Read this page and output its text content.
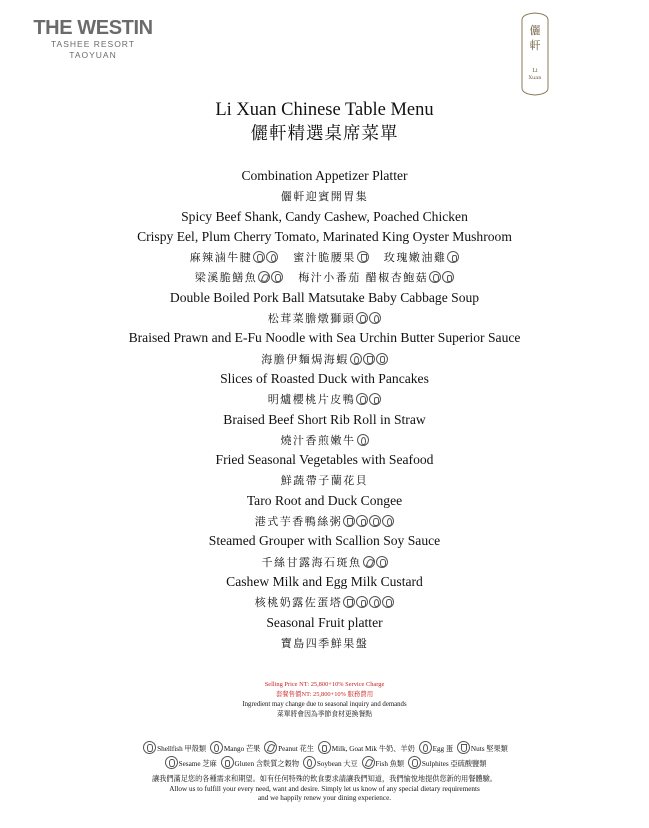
THE WESTIN
TASHEE RESORT
TAOYUAN
儷
軒
Li
Xuan
Li Xuan Chinese Table Menu
儷軒精選桌席菜單
Combination Appetizer Platter
儷軒迎賓開胃集
Spicy Beef Shank, Candy Cashew, Poached Chicken
Crispy Eel, Plum Cherry Tomato, Marinated King Oyster Mushroom
麻辣滷牛腱	蜜汁脆腰果	玫瑰嫩油雞
梁溪脆鱔魚	梅汁小番茄 醋椒杏鮑菇
Double Boiled Pork Ball Matsutake Baby Cabbage Soup
松茸菜膽燉獅頭
Braised Prawn and E-Fu Noodle with Sea Urchin Butter Superior Sauce
海膽伊麵焗海蝦
Slices of Roasted Duck with Pancakes
明爐櫻桃片皮鴨
Braised Beef Short Rib Roll in Straw
燒汁香煎嫩牛
Fried Seasonal Vegetables with Seafood
鮮蔬帶子蘭花貝
Taro Root and Duck Congee
港式芋香鴨絲粥
Steamed Grouper with Scallion Soy Sauce
千絲甘露海石斑魚
Cashew Milk and Egg Milk Custard
核桃奶露佐蛋塔
Seasonal Fruit platter
寶島四季鮮果盤
Selling Price NT: 25,800+10% Service Charge
套餐售價NT: 25,800+10% 服務費用
Ingredient may change due to seasonal inquiry and demands
菜單將會因為季節食材更換餐點
Shellfish 甲殼類 Mango 芒果 Peanut 花生 Milk, Goat Mik 牛奶、羊奶 Egg 蛋 Nuts 堅果類
Sesame 芝麻 Gluten 含麩質之穀物 Soybean 大豆 Fish 魚類 Sulphites 亞硫酸鹽類
讓我們滿足您的各種需求和期望。如有任何特殊的飲食要求請讓我們知道，我們愉悅地提供您新的用餐體驗。
Allow us to fulfill your every need, want and desire. Simply let us know of any special dietary requirements
and we happily renew your dining experience.
